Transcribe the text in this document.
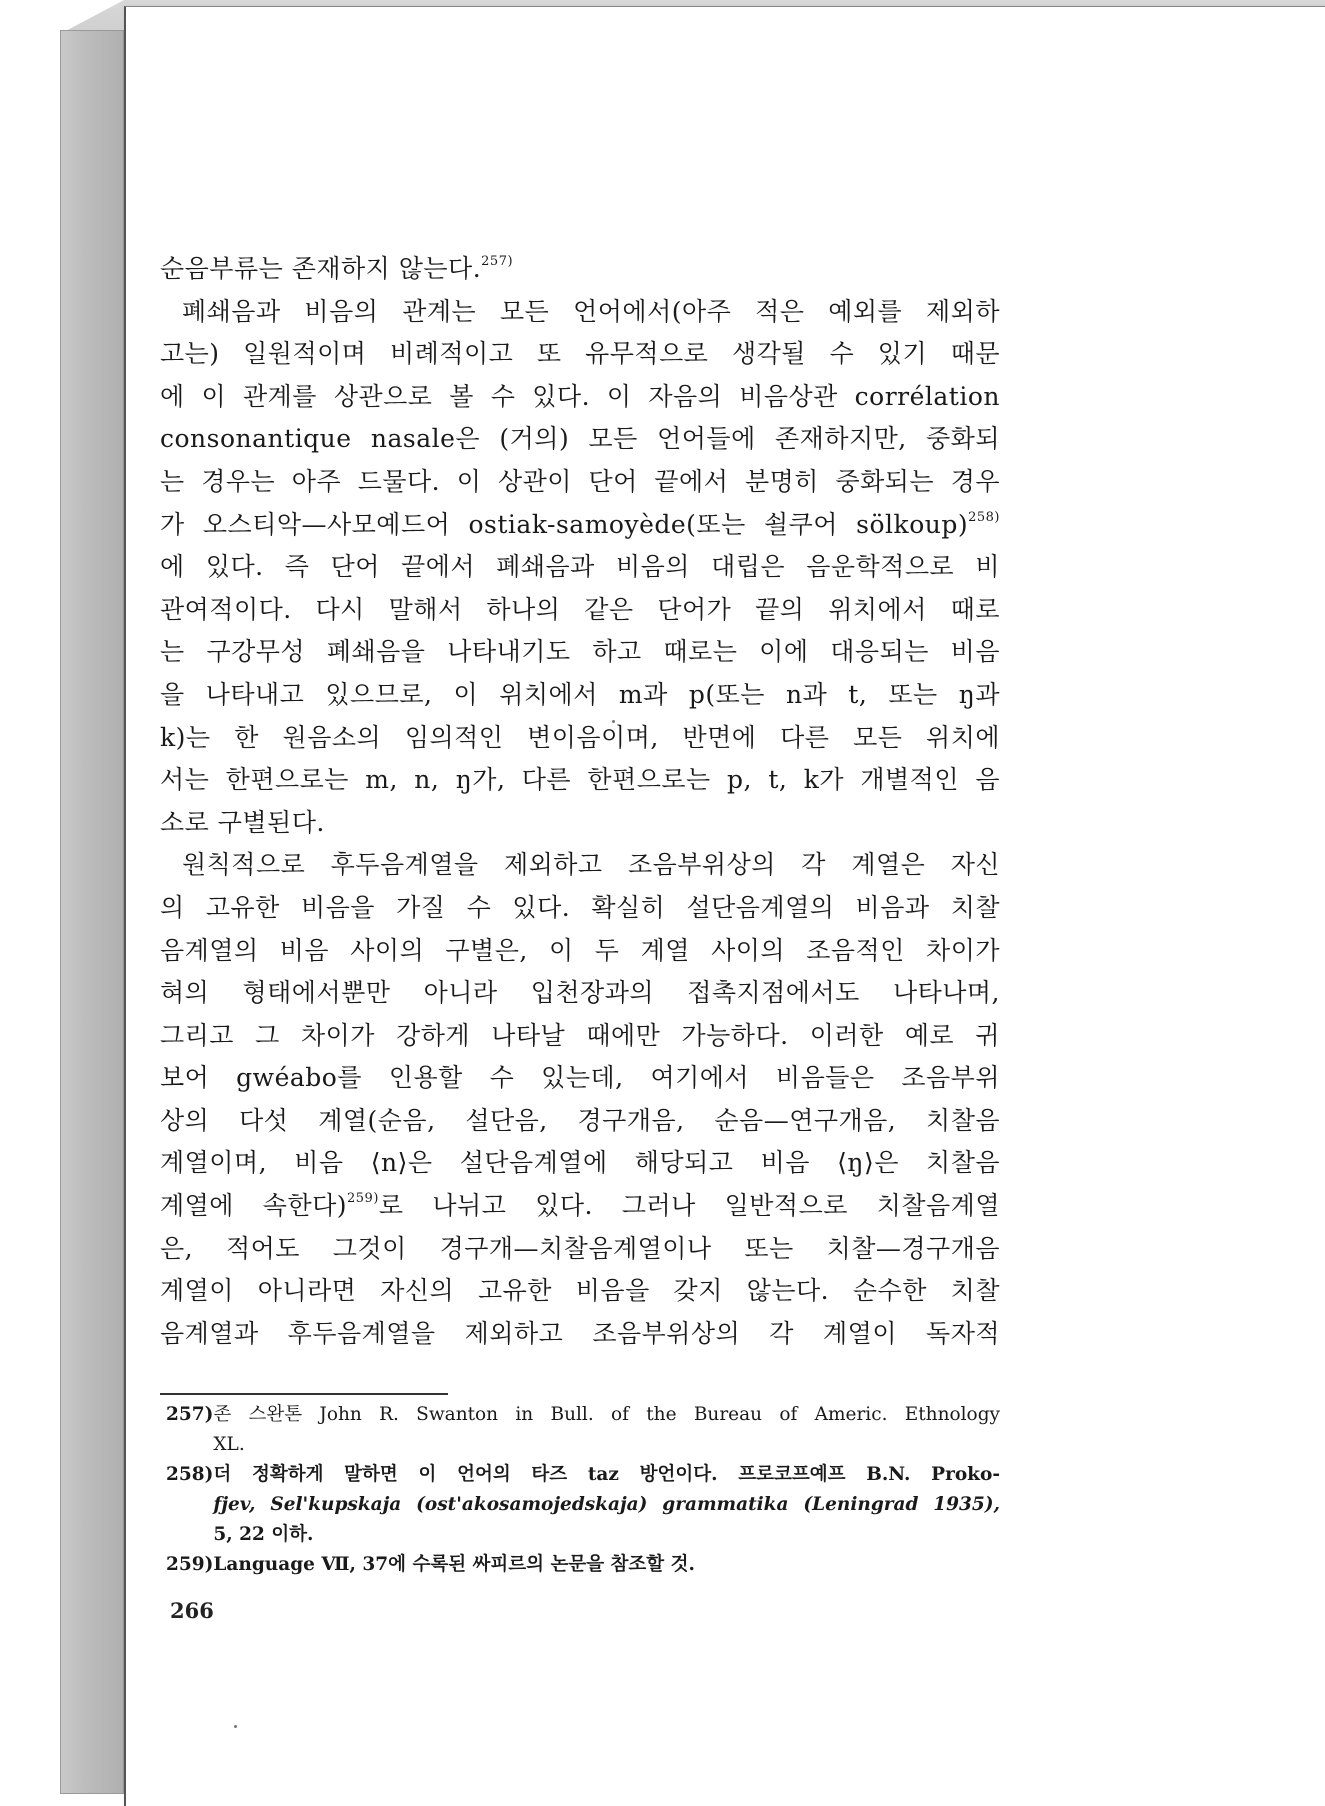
순음부류는 존재하지 않는다.$^{257)}$
폐쇄음과 비음의 관계는 모든 언어에서(아주 적은 예외를 제외하
고는) 일원적이며 비례적이고 또 유무적으로 생각될 수 있기 때문
에 이 관계를 상관으로 볼 수 있다. 이 자음의 비음상관 corrélation
consonantique nasale은 (거의) 모든 언어들에 존재하지만, 중화되
는 경우는 아주 드물다. 이 상관이 단어 끝에서 분명히 중화되는 경우
가 오스티악—사모예드어 ostiak-samoyède(또는 쇨쿠어 sölkoup)$^{258)}$
에 있다. 즉 단어 끝에서 폐쇄음과 비음의 대립은 음운학적으로 비
관여적이다. 다시 말해서 하나의 같은 단어가 끝의 위치에서 때로
는 구강무성 폐쇄음을 나타내기도 하고 때로는 이에 대응되는 비음
을 나타내고 있으므로, 이 위치에서 m과 p(또는 n과 t, 또는 ŋ과
k)는 한 원음소의 임의적인 변이음이며, 반면에 다른 모든 위치에
서는 한편으로는 m, n, ŋ가, 다른 한편으로는 p, t, k가 개별적인 음
소로 구별된다.
원칙적으로 후두음계열을 제외하고 조음부위상의 각 계열은 자신
의 고유한 비음을 가질 수 있다. 확실히 설단음계열의 비음과 치찰
음계열의 비음 사이의 구별은, 이 두 계열 사이의 조음적인 차이가
혀의 형태에서뿐만 아니라 입천장과의 접촉지점에서도 나타나며,
그리고 그 차이가 강하게 나타날 때에만 가능하다. 이러한 예로 귀
보어 gwéabo를 인용할 수 있는데, 여기에서 비음들은 조음부위
상의 다섯 계열(순음, 설단음, 경구개음, 순음—연구개음, 치찰음
계열이며, 비음 ⟨n⟩은 설단음계열에 해당되고 비음 ⟨ŋ⟩은 치찰음
계열에 속한다)$^{259)}$로 나뉘고 있다. 그러나 일반적으로 치찰음계열
은, 적어도 그것이 경구개—치찰음계열이나 또는 치찰—경구개음
계열이 아니라면 자신의 고유한 비음을 갖지 않는다. 순수한 치찰
음계열과 후두음계열을 제외하고 조음부위상의 각 계열이 독자적
257) 존 스완톤 John R. Swanton in Bull. of the Bureau of Americ. Ethnology
XL.
258) 더 정확하게 말하면 이 언어의 타즈 taz 방언이다. 프로코프예프 B.N. Proko-
fjev, Sel'kupskaja (ost'akosamojedskaja) grammatika (Leningrad 1935),
5, 22 이하.
259) Language Ⅶ, 37에 수록된 싸피르의 논문을 참조할 것.
266
